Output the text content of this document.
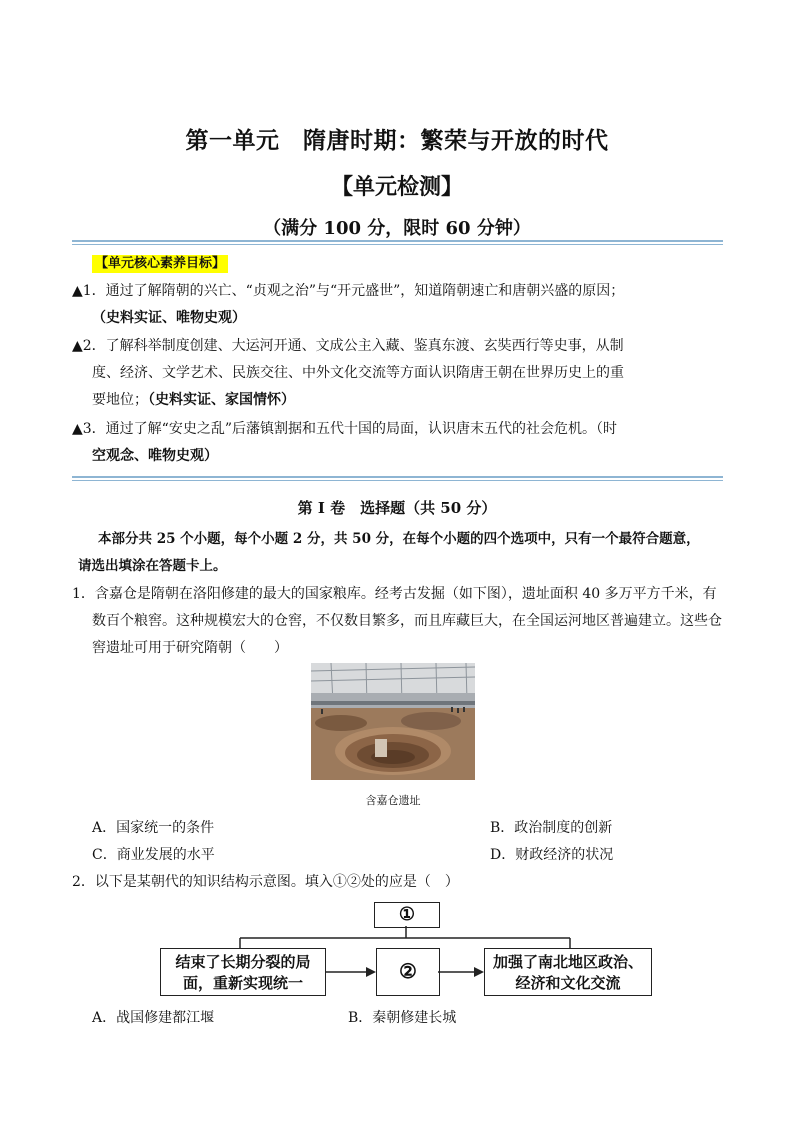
第一单元　隋唐时期：繁荣与开放的时代
【单元检测】
（满分 100 分，限时 60 分钟）
【单元核心素养目标】
▲1．通过了解隋朝的兴亡、“贞观之治”与“开元盛世”，知道隋朝速亡和唐朝兴盛的原因；
（史料实证、唯物史观）
▲2．了解科举制度创建、大运河开通、文成公主入藏、鉴真东渡、玄奘西行等史事，从制
度、经济、文学艺术、民族交往、中外文化交流等方面认识隋唐王朝在世界历史上的重
要地位；（史料实证、家国情怀）
▲3．通过了解“安史之乱”后藩镇割据和五代十国的局面，认识唐末五代的社会危机。（时
空观念、唯物史观）
第 I 卷　选择题（共 50 分）
本部分共 25 个小题，每个小题 2 分，共 50 分，在每个小题的四个选项中，只有一个最符合题意，
请选出填涂在答题卡上。
1．含嘉仓是隋朝在洛阳修建的最大的国家粮库。经考古发掘（如下图），遗址面积 40 多万平方千米，有
数百个粮窖。这种规模宏大的仓窖，不仅数目繁多，而且库藏巨大，在全国运河地区普遍建立。这些仓
窖遗址可用于研究隋朝（　　）
含嘉仓遗址
A．国家统一的条件	B．政治制度的创新
C．商业发展的水平	D．财政经济的状况
2．以下是某朝代的知识结构示意图。填入①②处的应是（　）
①
结束了长期分裂的局
面，重新实现统一	②	加强了南北地区政治、
经济和文化交流
A．战国修建都江堰	B．秦朝修建长城
